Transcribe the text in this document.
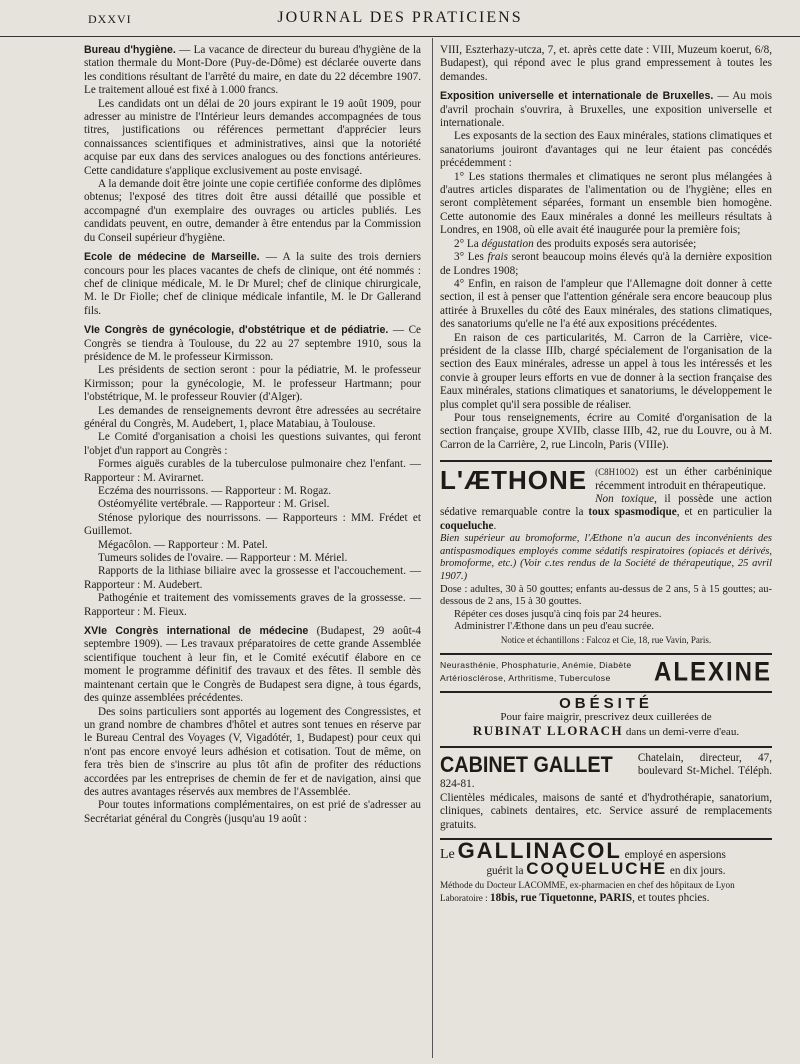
DXXVI	JOURNAL DES PRATICIENS

Bureau d'hygiène. — La vacance de directeur du bureau d'hygiène de la station thermale du Mont-Dore (Puy-de-Dôme) est déclarée ouverte dans les conditions résultant de l'arrêté du maire, en date du 22 décembre 1907. Le traitement alloué est fixé à 1.000 francs.

Les candidats ont un délai de 20 jours expirant le 19 août 1909, pour adresser au ministre de l'Intérieur leurs demandes accompagnées de tous titres, justifications ou références permettant d'apprécier leurs connaissances scientifiques et administratives, ainsi que la notoriété acquise par eux dans des services analogues ou des fonctions antérieures. Cette candidature s'applique exclusivement au poste envisagé.

A la demande doit être jointe une copie certifiée conforme des diplômes obtenus; l'exposé des titres doit être aussi détaillé que possible et accompagné d'un exemplaire des ouvrages ou articles publiés. Les candidats peuvent, en outre, demander à être entendus par la Commission du Conseil supérieur d'hygiène.

Ecole de médecine de Marseille. — A la suite des trois derniers concours pour les places vacantes de chefs de clinique, ont été nommés : chef de clinique médicale, M. le Dr Murel; chef de clinique chirurgicale, M. le Dr Fiolle; chef de clinique médicale infantile, M. le Dr Gallerand fils.

VIe Congrès de gynécologie, d'obstétrique et de pédiatrie. — Ce Congrès se tiendra à Toulouse, du 22 au 27 septembre 1910, sous la présidence de M. le professeur Kirmisson.

Les présidents de section seront : pour la pédiatrie, M. le professeur Kirmisson; pour la gynécologie, M. le professeur Hartmann; pour l'obstétrique, M. le professeur Rouvier (d'Alger).

Les demandes de renseignements devront être adressées au secrétaire général du Congrès, M. Audebert, 1, place Matabiau, à Toulouse.

Le Comité d'organisation a choisi les questions suivantes, qui feront l'objet d'un rapport au Congrès :

Formes aiguës curables de la tuberculose pulmonaire chez l'enfant. — Rapporteur : M. Avirагnet.

Eczéma des nourrissons. — Rapporteur : M. Rogaz.

Ostéomyélite vertébrale. — Rapporteur : M. Grisel.

Sténose pylorique des nourrissons. — Rapporteurs : MM. Frédet et Guillemot.

Mégacôlon. — Rapporteur : M. Patel.

Tumeurs solides de l'ovaire. — Rapporteur : M. Mériel.

Rapports de la lithiase biliaire avec la grossesse et l'accouchement. — Rapporteur : M. Audebert.

Pathogénie et traitement des vomissements graves de la grossesse. — Rapporteur : M. Fieux.

XVIe Congrès international de médecine (Budapest, 29 août-4 septembre 1909). — Les travaux préparatoires de cette grande Assemblée scientifique touchent à leur fin, et le Comité exécutif élabore en ce moment le programme définitif des travaux et des fêtes. Il semble dès maintenant certain que le Congrès de Budapest sera digne, à tous égards, des quinze assemblées précédentes.

Des soins particuliers sont apportés au logement des Congressistes, et un grand nombre de chambres d'hôtel et autres sont tenues en réserve par le Bureau Central des Voyages (V, Vigadótér, 1, Budapest) pour ceux qui n'ont pas encore envoyé leurs adhésion et cotisation. Tout de même, on fera très bien de s'inscrire au plus tôt afin de profiter des réductions accordées par les entreprises de chemin de fer et de navigation, ainsi que des autres avantages réservés aux membres de l'Assemblée.

Pour toutes informations complémentaires, on est prié de s'adresser au Secrétariat général du Congrès (jusqu'au 19 août :

VIII, Eszterhazy-utcza, 7, et. après cette date : VIII, Muzeum koerut, 6/8, Budapest), qui répond avec le plus grand empressement à toutes les demandes.

Exposition universelle et internationale de Bruxelles. — Au mois d'avril prochain s'ouvrira, à Bruxelles, une exposition universelle et internationale.

Les exposants de la section des Eaux minérales, stations climatiques et sanatoriums jouiront d'avantages qui ne leur étaient pas concédés précédemment :

1° Les stations thermales et climatiques ne seront plus mélangées à d'autres articles disparates de l'alimentation ou de l'hygiène; elles en seront complètement séparées, formant un ensemble bien homogène. Cette autonomie des Eaux minérales a donné les meilleurs résultats à Londres, en 1908, où elle avait été inaugurée pour la première fois;

2° La dégustation des produits exposés sera autorisée;

3° Les frais seront beaucoup moins élevés qu'à la dernière exposition de Londres 1908;

4° Enfin, en raison de l'ampleur que l'Allemagne doit donner à cette section, il est à penser que l'attention générale sera encore beaucoup plus attirée à Bruxelles du côté des Eaux minérales, des stations climatiques, des sanatoriums qu'elle ne l'a été aux expositions précédentes.

En raison de ces particularités, M. Carron de la Carrière, vice-président de la classe IIIb, chargé spécialement de l'organisation de la section des Eaux minérales, adresse un appel à tous les intéressés et les convie à grouper leurs efforts en vue de donner à la section française des Eaux minérales, stations climatiques et sanatoriums, le développement le plus complet qu'il sera possible de réaliser.

Pour tous renseignements, écrire au Comité d'organisation de la section française, groupe XVIIb, classe IIIb, 42, rue du Louvre, ou à M. Carron de la Carrière, 2, rue Lincoln, Paris (VIIIe).

L'ÆTHONE (C8H10O2) est un éther carbéninique récemment introduit en thérapeutique.

Non toxique, il possède une action sédative remarquable contre la toux spasmodique, et en particulier la coqueluche.

Bien supérieur au bromoforme, l'Æthone n'a aucun des inconvénients des antispasmodiques employés comme sédatifs respiratoires (opiacés et dérivés, bromoforme, etc.) (Voir c.tes rendus de la Société de thérapeutique, 25 avril 1907.)

Dose : adultes, 30 à 50 gouttes; enfants au-dessus de 2 ans, 5 à 15 gouttes; au-dessous de 2 ans, 15 à 30 gouttes.

Répéter ces doses jusqu'à cinq fois par 24 heures.

Administrer l'Æthone dans un peu d'eau sucrée.

Notice et échantillons : Falcoz et Cie, 18, rue Vavin, Paris.

Neurasthénie, Phosphaturie, Anémie, Diabète
Artériosclérose, Arthritisme, Tuberculose	ALEXINE
OBÉSITÉ
Pour faire maigrir, prescrivez deux cuillerées de
RUBINAT LLORACH dans un demi-verre d'eau.
CABINET GALLET	Chatelain, directeur, 47, boulevard St-Michel. Téléph. 824-81.

Clientèles médicales, maisons de santé et d'hydrothérapie, sanatorium, cliniques, cabinets dentaires, etc. Service assuré de remplacements gratuits.

Le GALLINACOL employé en aspersions

guérit la COQUELUCHE en dix jours.

Méthode du Docteur LACOMME, ex-pharmacien en chef des hôpitaux de Lyon

Laboratoire : 18bis, rue Tiquetonne, PARIS, et toutes phcies.
